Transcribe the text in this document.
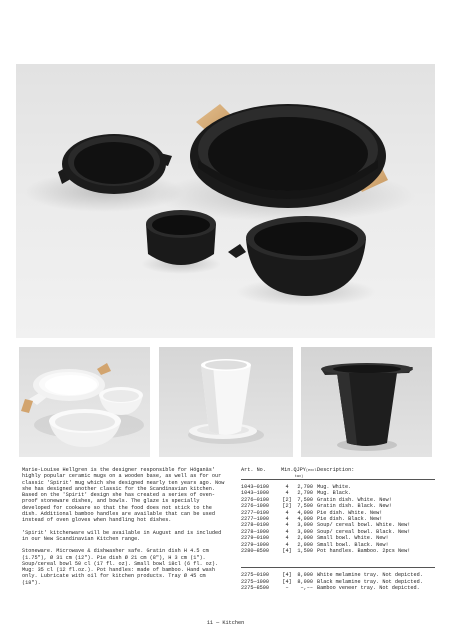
Marie-Louise Hellgren is the designer responsible for Höganäs' highly popular ceramic mugs on a wooden base, as well as for our classic 'Spirit' mug which she designed nearly ten years ago. Now she has designed another classic for the Scandinavian kitchen. Based on the 'Spirit' design she has created a series of oven-proof stoneware dishes, and bowls. The glaze is specially developed for cookware so that the food does not stick to the dish. Additional bamboo handles are available that can be used instead of oven gloves when handling hot dishes.

'Spirit' kitchenware will be available in August and is included in our New Scandinavian Kitchen range.

Stoneware. Microwave & dishwasher safe. Gratin dish H 4.5 cm (1.75"), Ø 31 cm (12"). Pie dish Ø 21 cm (8"), H 3 cm (1"). Soup/cereal bowl 50 cl (17 fl. oz). Small bowl 18cl (6 fl. oz). Mug: 35 cl (12 fl.oz.). Pot handles: made of bamboo. Hand wash only. Lubricate with oil for kitchen products. Tray Ø 45 cm (18").

Art. No.	Min.QJPY(excl. tax)
Description:
1043—0100	4	2,700 Mug. White.
1043—1000	4	2,700 Mug. Black.
2276—0100	[2]	7,500 Gratin dish. White. New!
2276—1000	[2]	7,500 Gratin dish. Black. New!
2277—0100	4	4,000 Pie dish. White. New!
2277—1000	4	4,000 Pie dish. Black. New!
2278—0100	4	3,000 Soup/ cereal bowl. White. New!
2278—1000	4	3,000 Soup/ cereal bowl. Black. New!
2279—0100	4	2,000 Small bowl. White. New!
2279—1000	4	2,000 Small bowl. Black. New!
2280—8500	[4]	1,500 Pot handles. Bamboo. 2pcs New!
2275—0100	[4]	8,000 White melamine tray. Not depicted.
2275—1000	[4]	8,000 Black melamine tray. Not depicted.
2275—8500	–	–,–– Bamboo veneer tray. Not depicted.
11 — Kitchen
